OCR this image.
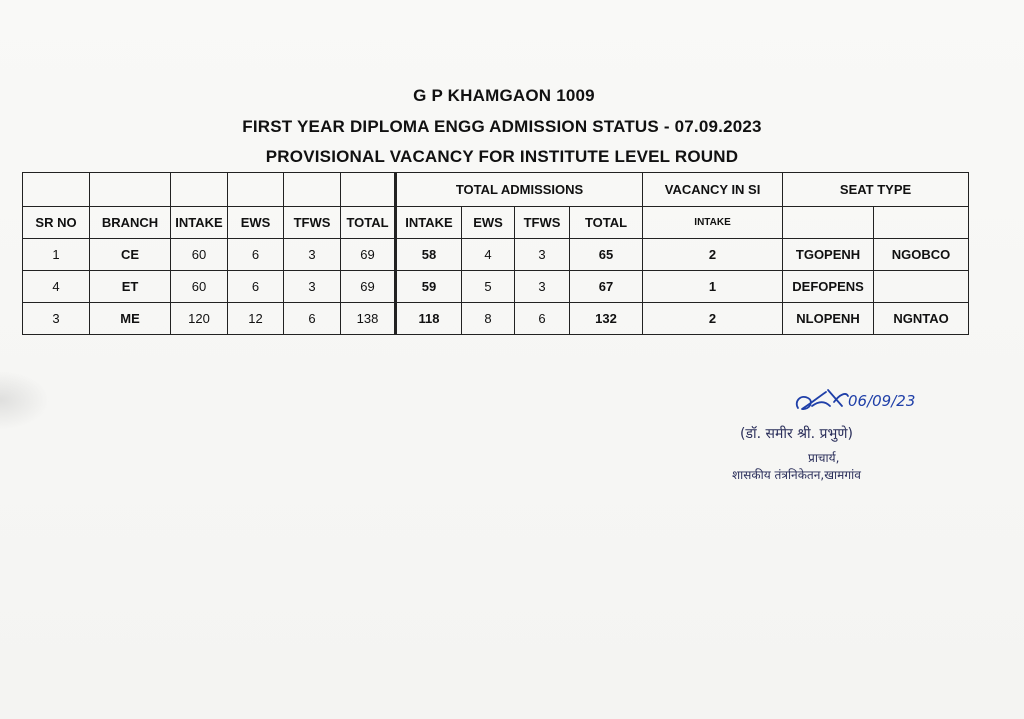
G P KHAMGAON 1009
FIRST YEAR DIPLOMA ENGG ADMISSION STATUS - 07.09.2023
PROVISIONAL VACANCY FOR INSTITUTE LEVEL ROUND
						TOTAL ADMISSIONS				VACANCY IN SI	SEAT TYPE	
SR NO	BRANCH	INTAKE	EWS	TFWS	TOTAL	INTAKE	EWS	TFWS	TOTAL	INTAKE		
1	CE	60	6	3	69	58	4	3	65	2	TGOPENH	NGOBCO
4	ET	60	6	3	69	59	5	3	67	1	DEFOPENS	
3	ME	120	12	6	138	118	8	6	132	2	NLOPENH	NGNTAO
06/09/23
(डॉ. समीर श्री. प्रभुणे)
प्राचार्य,
शासकीय तंत्रनिकेतन,खामगांव
